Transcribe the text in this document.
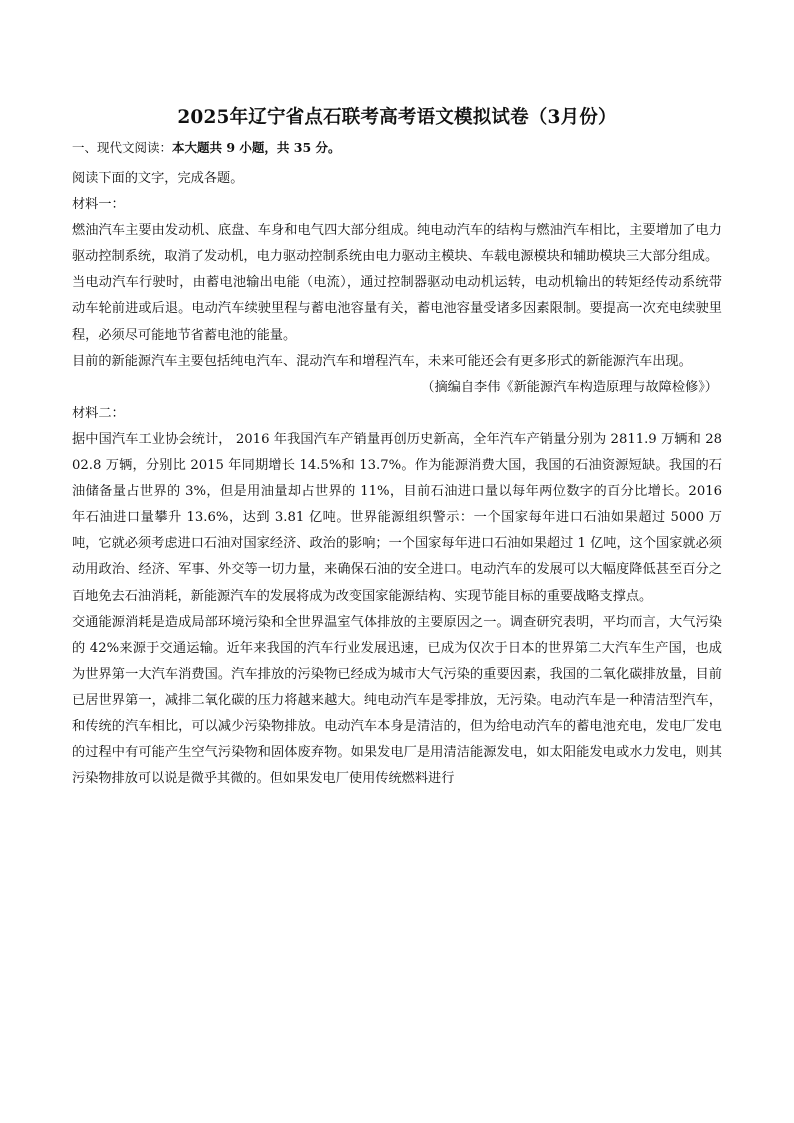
2025年辽宁省点石联考高考语文模拟试卷（3月份）
一、现代文阅读：本大题共 9 小题，共 35 分。

阅读下面的文字，完成各题。

材料一：

燃油汽车主要由发动机、底盘、车身和电气四大部分组成。纯电动汽车的结构与燃油汽车相比，主要增加了电力驱动控制系统，取消了发动机，电力驱动控制系统由电力驱动主模块、车载电源模块和辅助模块三大部分组成。

当电动汽车行驶时，由蓄电池输出电能（电流），通过控制器驱动电动机运转，电动机输出的转矩经传动系统带动车轮前进或后退。电动汽车续驶里程与蓄电池容量有关，蓄电池容量受诸多因素限制。要提高一次充电续驶里程，必须尽可能地节省蓄电池的能量。

目前的新能源汽车主要包括纯电汽车、混动汽车和增程汽车，未来可能还会有更多形式的新能源汽车出现。

（摘编自李伟《新能源汽车构造原理与故障检修》）

材料二：

据中国汽车工业协会统计， 2016 年我国汽车产销量再创历史新高，全年汽车产销量分别为 2811.9 万辆和 2802.8 万辆，分别比 2015 年同期增长 14.5%和 13.7%。作为能源消费大国，我国的石油资源短缺。我国的石油储备量占世界的 3%，但是用油量却占世界的 11%，目前石油进口量以每年两位数字的百分比增长。2016 年石油进口量攀升 13.6%，达到 3.81 亿吨。世界能源组织警示：一个国家每年进口石油如果超过 5000 万吨，它就必须考虑进口石油对国家经济、政治的影响；一个国家每年进口石油如果超过 1 亿吨，这个国家就必须动用政治、经济、军事、外交等一切力量，来确保石油的安全进口。电动汽车的发展可以大幅度降低甚至百分之百地免去石油消耗，新能源汽车的发展将成为改变国家能源结构、实现节能目标的重要战略支撑点。

交通能源消耗是造成局部环境污染和全世界温室气体排放的主要原因之一。调查研究表明，平均而言，大气污染的 42%来源于交通运输。近年来我国的汽车行业发展迅速，已成为仅次于日本的世界第二大汽车生产国，也成为世界第一大汽车消费国。汽车排放的污染物已经成为城市大气污染的重要因素，我国的二氧化碳排放量，目前已居世界第一，减排二氧化碳的压力将越来越大。纯电动汽车是零排放，无污染。电动汽车是一种清洁型汽车，和传统的汽车相比，可以减少污染物排放。电动汽车本身是清洁的，但为给电动汽车的蓄电池充电，发电厂发电的过程中有可能产生空气污染物和固体废弃物。如果发电厂是用清洁能源发电，如太阳能发电或水力发电，则其污染物排放可以说是微乎其微的。但如果发电厂使用传统燃料进行
